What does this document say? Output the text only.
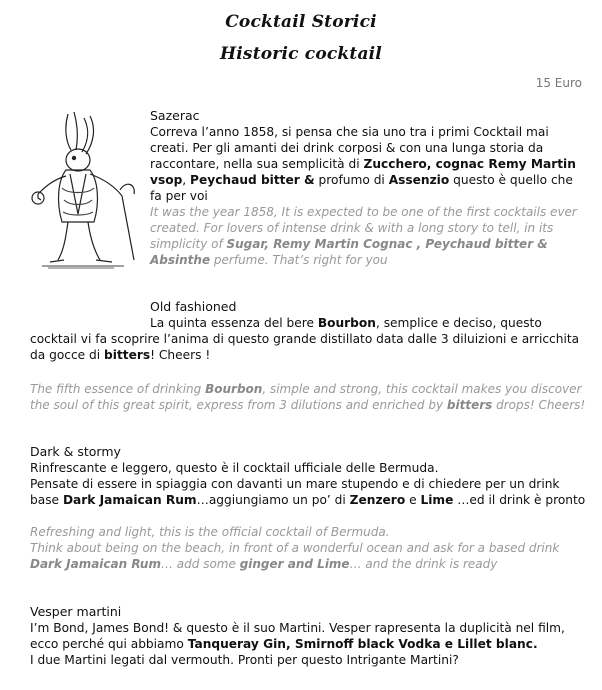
Cocktail Storici
Historic cocktail
15 Euro
Sazerac
Correva l’anno 1858, si pensa che sia uno tra i primi Cocktail mai creati. Per gli amanti dei drink corposi & con una lunga storia da raccontare, nella sua semplicità di Zucchero, cognac Remy Martin vsop, Peychaud bitter & profumo di Assenzio questo è quello che fa per voi
It was the year 1858, It is expected to be one of the first cocktails ever created. For lovers of intense drink & with a long story to tell, in its simplicity of Sugar, Remy Martin Cognac , Peychaud bitter & Absinthe perfume. That’s right for you
Old fashioned
La quinta essenza del bere Bourbon, semplice e deciso, questo cocktail vi fa scoprire l’anima di questo grande distillato data dalle 3 diluizioni e arricchita da gocce di bitters! Cheers !
The fifth essence of drinking Bourbon, simple and strong, this cocktail makes you discover the soul of this great spirit, express from 3 dilutions and enriched by bitters drops! Cheers!
Dark & stormy
Rinfrescante e leggero, questo è il cocktail ufficiale delle Bermuda.
Pensate di essere in spiaggia con davanti un mare stupendo e di chiedere per un drink base Dark Jamaican Rum…aggiungiamo un po’ di Zenzero e Lime …ed il drink è pronto
Refreshing and light, this is the official cocktail of Bermuda.
Think about being on the beach, in front of a wonderful ocean and ask for a based drink
Dark Jamaican Rum… add some ginger and Lime… and the drink is ready
Vesper martini
I’m Bond, James Bond! & questo è il suo Martini. Vesper rapresenta la duplicità nel film, ecco perché qui abbiamo Tanqueray Gin, Smirnoff black Vodka e Lillet blanc.
I due Martini legati dal vermouth. Pronti per questo Intrigante Martini?
